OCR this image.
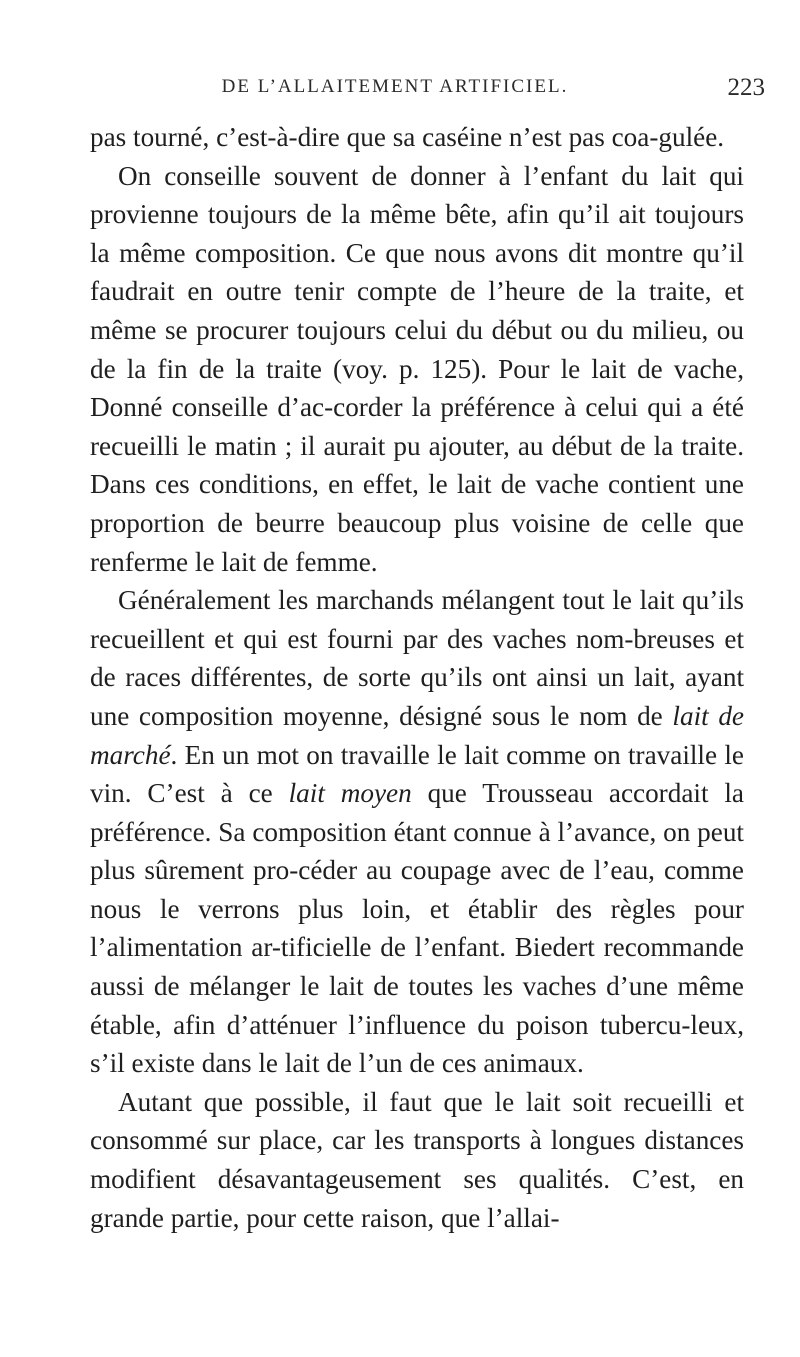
DE L’ALLAITEMENT ARTIFICIEL.	223

pas tourné, c’est-à-dire que sa caséine n’est pas coa-gulée.

On conseille souvent de donner à l’enfant du lait qui provienne toujours de la même bête, afin qu’il ait toujours la même composition. Ce que nous avons dit montre qu’il faudrait en outre tenir compte de l’heure de la traite, et même se procurer toujours celui du début ou du milieu, ou de la fin de la traite (voy. p. 125). Pour le lait de vache, Donné conseille d’ac-corder la préférence à celui qui a été recueilli le matin ; il aurait pu ajouter, au début de la traite. Dans ces conditions, en effet, le lait de vache contient une proportion de beurre beaucoup plus voisine de celle que renferme le lait de femme.

Généralement les marchands mélangent tout le lait qu’ils recueillent et qui est fourni par des vaches nom-breuses et de races différentes, de sorte qu’ils ont ainsi un lait, ayant une composition moyenne, désigné sous le nom de lait de marché. En un mot on travaille le lait comme on travaille le vin. C’est à ce lait moyen que Trousseau accordait la préférence. Sa composition étant connue à l’avance, on peut plus sûrement pro-céder au coupage avec de l’eau, comme nous le verrons plus loin, et établir des règles pour l’alimentation ar-tificielle de l’enfant. Biedert recommande aussi de mélanger le lait de toutes les vaches d’une même étable, afin d’atténuer l’influence du poison tubercu-leux, s’il existe dans le lait de l’un de ces animaux.

Autant que possible, il faut que le lait soit recueilli et consommé sur place, car les transports à longues distances modifient désavantageusement ses qualités. C’est, en grande partie, pour cette raison, que l’allai-
